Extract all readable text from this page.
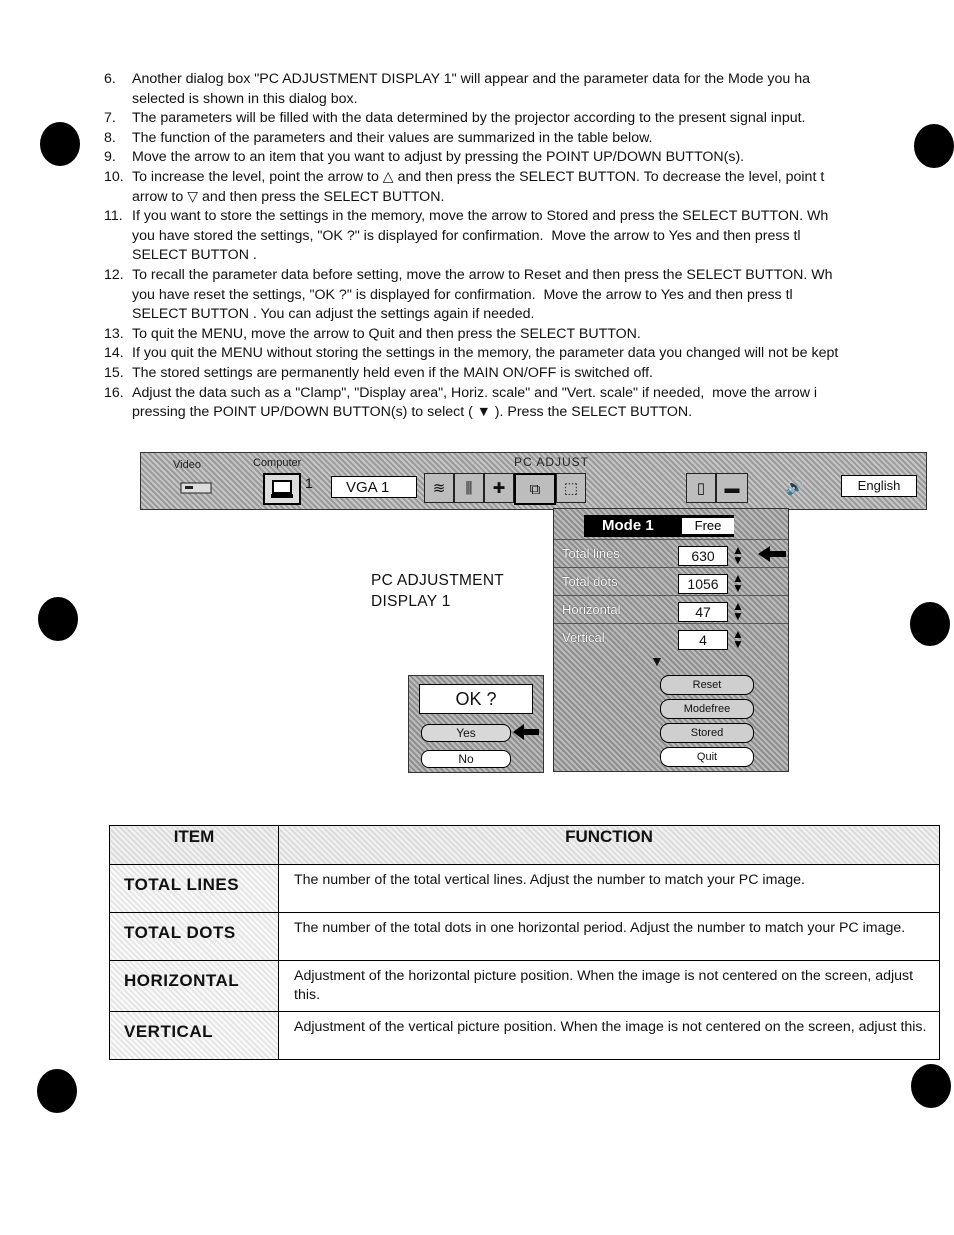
6. Another dialog box "PC ADJUSTMENT DISPLAY 1" will appear and the parameter data for the Mode you ha
selected is shown in this dialog box.
7. The parameters will be filled with the data determined by the projector according to the present signal input.
8. The function of the parameters and their values are summarized in the table below.
9. Move the arrow to an item that you want to adjust by pressing the POINT UP/DOWN BUTTON(s).
10. To increase the level, point the arrow to △ and then press the SELECT BUTTON. To decrease the level, point t
arrow to ▽ and then press the SELECT BUTTON.
11. If you want to store the settings in the memory, move the arrow to Stored and press the SELECT BUTTON. Wh
you have stored the settings, "OK ?" is displayed for confirmation.  Move the arrow to Yes and then press tl
SELECT BUTTON .
12. To recall the parameter data before setting, move the arrow to Reset and then press the SELECT BUTTON. Wh
you have reset the settings, "OK ?" is displayed for confirmation.  Move the arrow to Yes and then press tl
SELECT BUTTON . You can adjust the settings again if needed.
13. To quit the MENU, move the arrow to Quit and then press the SELECT BUTTON.
14. If you quit the MENU without storing the settings in the memory, the parameter data you changed will not be kept
15. The stored settings are permanently held even if the MAIN ON/OFF is switched off.
16. Adjust the data such as a "Clamp", "Display area", Horiz. scale" and "Vert. scale" if needed,  move the arrow i
pressing the POINT UP/DOWN BUTTON(s) to select ( ▼ ). Press the SELECT BUTTON.
Video	Computer	PC ADJUST
1	VGA 1	≋	⫼	✚	⧉	⬚	▯	▬	🔊	English
PC ADJUSTMENT
DISPLAY 1
Mode 1	Free
Total lines	630	▲
▼
Total dots	1056	▲
▼
Horizontal	47	▲
▼
Vertical	4	▲
▼
▼
Reset
Modefree
Stored
Quit
OK ?
Yes
No
ITEM	FUNCTION
TOTAL LINES	The number of the total vertical lines. Adjust the number to match your PC image.
TOTAL DOTS	The number of the total dots in one horizontal period. Adjust the number to match your PC image.
HORIZONTAL	Adjustment of the horizontal picture position. When the image is not centered on the screen, adjust this.
VERTICAL	Adjustment of the vertical picture position. When the image is not centered on the screen, adjust this.
